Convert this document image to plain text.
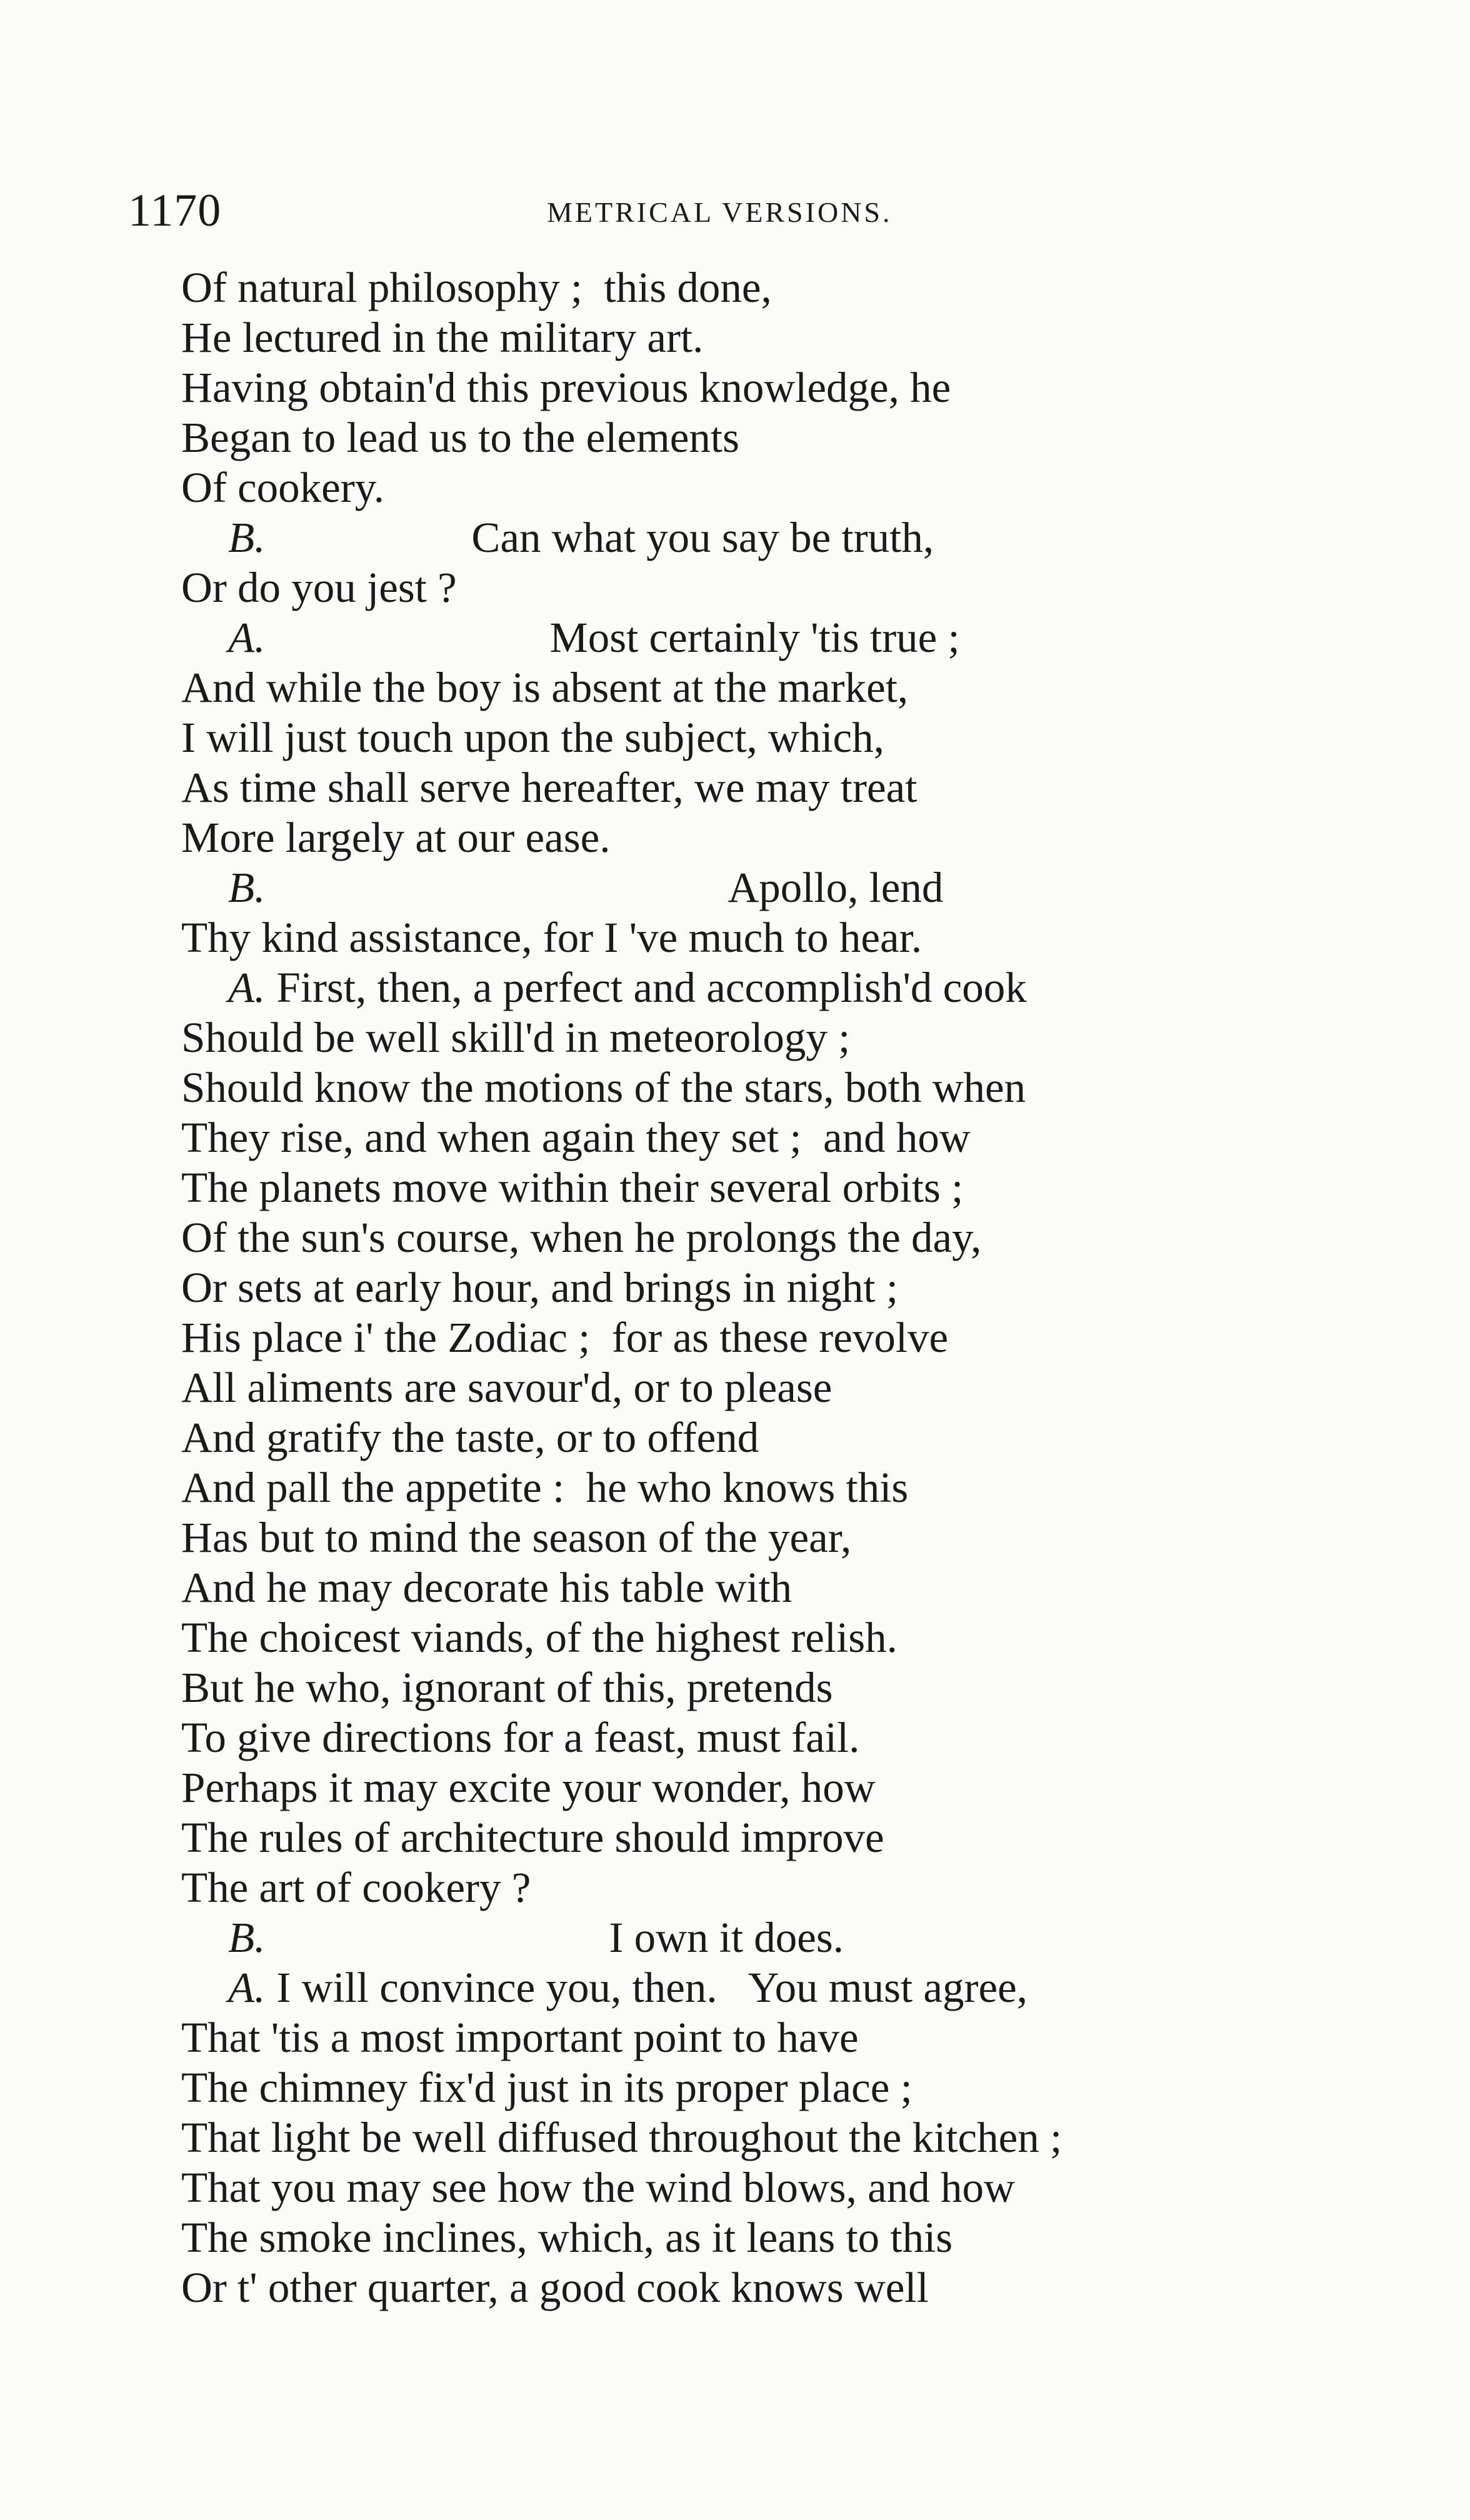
1170	METRICAL VERSIONS.
Of natural philosophy ;  this done,
He lectured in the military art.
Having obtain'd this previous knowledge, he
Began to lead us to the elements
Of cookery.
B.	Can what you say be truth,
Or do you jest ?
A.	Most certainly 'tis true ;
And while the boy is absent at the market,
I will just touch upon the subject, which,
As time shall serve hereafter, we may treat
More largely at our ease.
B.	Apollo, lend
Thy kind assistance, for I 've much to hear.
A. First, then, a perfect and accomplish'd cook
Should be well skill'd in meteorology ;
Should know the motions of the stars, both when
They rise, and when again they set ;  and how
The planets move within their several orbits ;
Of the sun's course, when he prolongs the day,
Or sets at early hour, and brings in night ;
His place i' the Zodiac ;  for as these revolve
All aliments are savour'd, or to please
And gratify the taste, or to offend
And pall the appetite :  he who knows this
Has but to mind the season of the year,
And he may decorate his table with
The choicest viands, of the highest relish.
But he who, ignorant of this, pretends
To give directions for a feast, must fail.
Perhaps it may excite your wonder, how
The rules of architecture should improve
The art of cookery ?
B.	I own it does.
A. I will convince you, then.   You must agree,
That 'tis a most important point to have
The chimney fix'd just in its proper place ;
That light be well diffused throughout the kitchen ;
That you may see how the wind blows, and how
The smoke inclines, which, as it leans to this
Or t' other quarter, a good cook knows well
